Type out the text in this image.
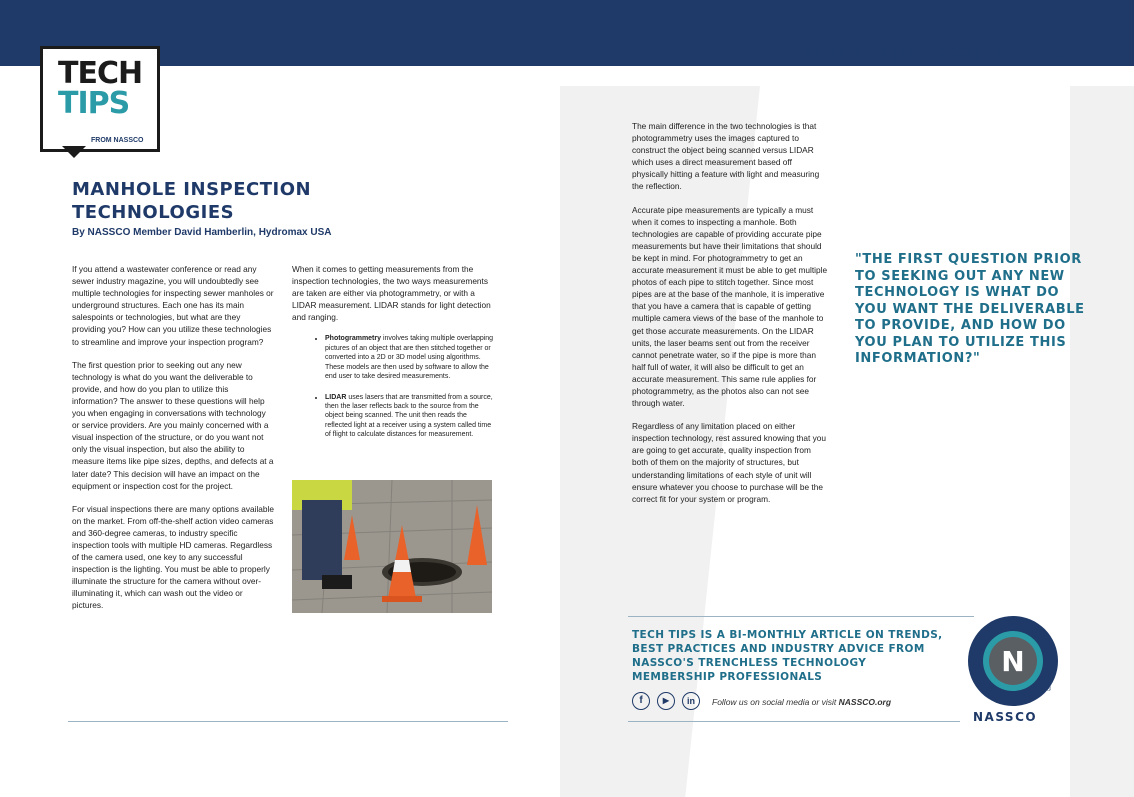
EDITION 83 | MAY 2023 | NASSCO.ORG
TECH
TIPS
FROM NASSCO
MANHOLE INSPECTION TECHNOLOGIES
By NASSCO Member David Hamberlin, Hydromax USA

If you attend a wastewater conference or read any sewer industry magazine, you will undoubtedly see multiple technologies for inspecting sewer manholes or underground structures. Each one has its main salespoints or technologies, but what are they providing you? How can you utilize these technologies to streamline and improve your inspection program?

The first question prior to seeking out any new technology is what do you want the deliverable to provide, and how do you plan to utilize this information? The answer to these questions will help you when engaging in conversations with technology or service providers. Are you mainly concerned with a visual inspection of the structure, or do you want not only the visual inspection, but also the ability to measure items like pipe sizes, depths, and defects at a later date? This decision will have an impact on the equipment or inspection cost for the project.

For visual inspections there are many options available on the market. From off-the-shelf action video cameras and 360-degree cameras, to industry specific inspection tools with multiple HD cameras. Regardless of the camera used, one key to any successful inspection is the lighting. You must be able to properly illuminate the structure for the camera without over-illuminating it, which can wash out the video or pictures.

When it comes to getting measurements from the inspection technologies, the two ways measurements are taken are either via photogrammetry, or with a LIDAR measurement. LIDAR stands for light detection and ranging.

• Photogrammetry involves taking multiple overlapping pictures of an object that are then stitched together or converted into a 2D or 3D model using algorithms. These models are then used by software to allow the end user to take desired measurements.
• LIDAR uses lasers that are transmitted from a source, then the laser reflects back to the source from the object being scanned. The unit then reads the reflected light at a receiver using a system called time of flight to calculate distances for measurement.

The main difference in the two technologies is that photogrammetry uses the images captured to construct the object being scanned versus LIDAR which uses a direct measurement based off physically hitting a feature with light and measuring the reflection.

Accurate pipe measurements are typically a must when it comes to inspecting a manhole. Both technologies are capable of providing accurate pipe measurements but have their limitations that should be kept in mind. For photogrammetry to get an accurate measurement it must be able to get multiple photos of each pipe to stitch together. Since most pipes are at the base of the manhole, it is imperative that you have a camera that is capable of getting multiple camera views of the base of the manhole to get those accurate measurements. On the LIDAR units, the laser beams sent out from the receiver cannot penetrate water, so if the pipe is more than half full of water, it will also be difficult to get an accurate measurement. This same rule applies for photogrammetry, as the photos also can not see through water.

Regardless of any limitation placed on either inspection technology, rest assured knowing that you are going to get accurate, quality inspection from both of them on the majority of structures, but understanding limitations of each style of unit will ensure whatever you choose to purchase will be the correct fit for your system or program.

"THE FIRST QUESTION PRIOR TO SEEKING OUT ANY NEW TECHNOLOGY IS WHAT DO YOU WANT THE DELIVERABLE TO PROVIDE, AND HOW DO YOU PLAN TO UTILIZE THIS INFORMATION?"
TECH TIPS IS A BI-MONTHLY ARTICLE ON TRENDS, BEST PRACTICES AND INDUSTRY ADVICE FROM NASSCO'S TRENCHLESS TECHNOLOGY MEMBERSHIP PROFESSIONALS
f	▶	in	Follow us on social media or visit NASSCO.org
N
®
NASSCO
